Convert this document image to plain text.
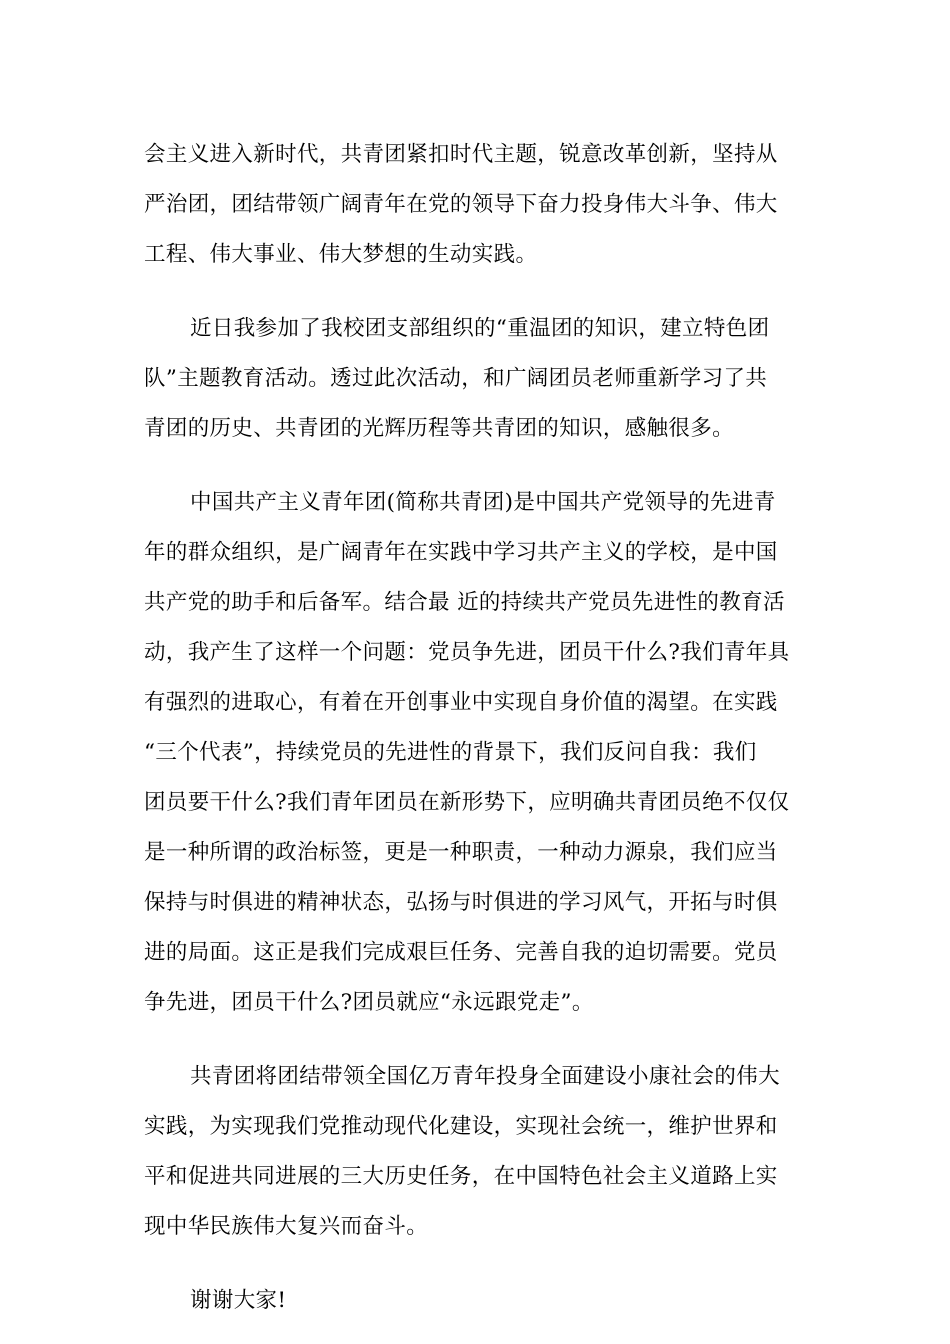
会主义进入新时代，共青团紧扣时代主题，锐意改革创新，坚持从
严治团，团结带领广阔青年在党的领导下奋力投身伟大斗争、伟大
工程、伟大事业、伟大梦想的生动实践。
近日我参加了我校团支部组织的“重温团的知识，建立特色团
队”主题教育活动。透过此次活动，和广阔团员老师重新学习了共
青团的历史、共青团的光辉历程等共青团的知识，感触很多。
中国共产主义青年团(简称共青团)是中国共产党领导的先进青
年的群众组织，是广阔青年在实践中学习共产主义的学校，是中国
共产党的助手和后备军。结合最 近的持续共产党员先进性的教育活
动，我产生了这样一个问题：党员争先进，团员干什么?我们青年具
有强烈的进取心，有着在开创事业中实现自身价值的渴望。在实践
“三个代表”，持续党员的先进性的背景下，我们反问自我：我们
团员要干什么?我们青年团员在新形势下，应明确共青团员绝不仅仅
是一种所谓的政治标签，更是一种职责，一种动力源泉，我们应当
保持与时俱进的精神状态，弘扬与时俱进的学习风气，开拓与时俱
进的局面。这正是我们完成艰巨任务、完善自我的迫切需要。党员
争先进，团员干什么?团员就应“永远跟党走”。
共青团将团结带领全国亿万青年投身全面建设小康社会的伟大
实践，为实现我们党推动现代化建设，实现社会统一，维护世界和
平和促进共同进展的三大历史任务，在中国特色社会主义道路上实
现中华民族伟大复兴而奋斗。
谢谢大家!
